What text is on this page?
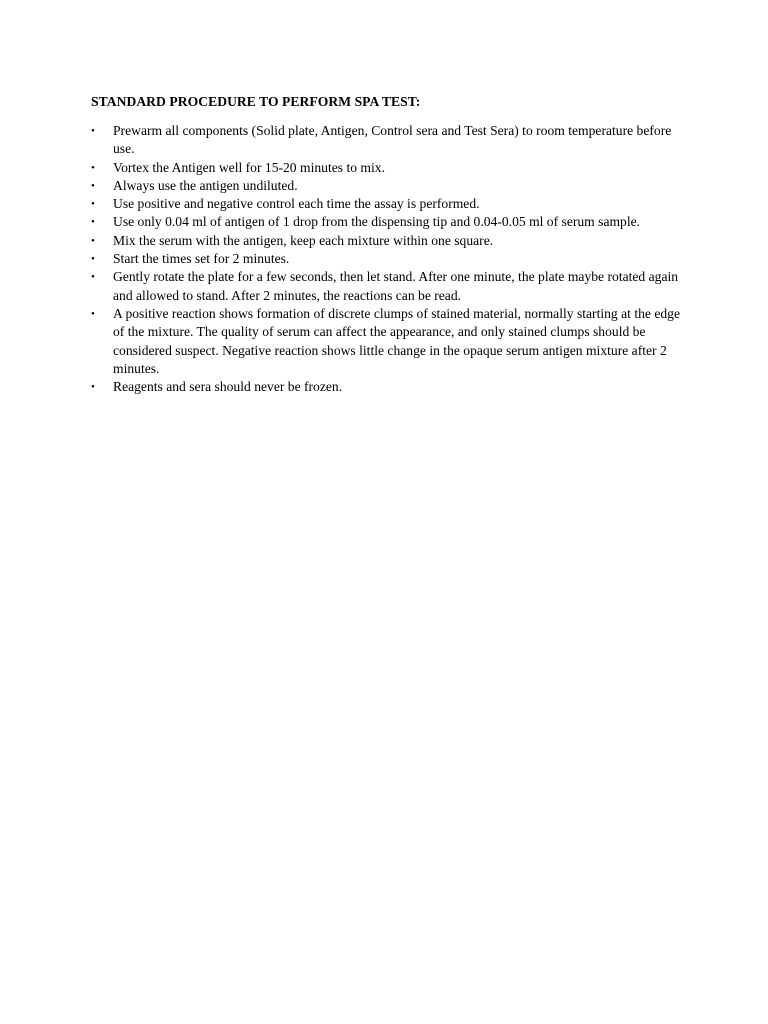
STANDARD PROCEDURE TO PERFORM SPA TEST:
•	Prewarm all components (Solid plate, Antigen, Control sera and Test Sera) to room temperature before use.
•	Vortex the Antigen well for 15-20 minutes to mix.
•	Always use the antigen undiluted.
•	Use positive and negative control each time the assay is performed.
•	Use only 0.04 ml of antigen of 1 drop from the dispensing tip and 0.04-0.05 ml of serum sample.
•	Mix the serum with the antigen, keep each mixture within one square.
•	Start the times set for 2 minutes.
•	Gently rotate the plate for a few seconds, then let stand. After one minute, the plate maybe rotated again and allowed to stand. After 2 minutes, the reactions can be read.
•	A positive reaction shows formation of discrete clumps of stained material, normally starting at the edge of the mixture. The quality of serum can affect the appearance, and only stained clumps should be considered suspect. Negative reaction shows little change in the opaque serum antigen mixture after 2 minutes.
•	Reagents and sera should never be frozen.
